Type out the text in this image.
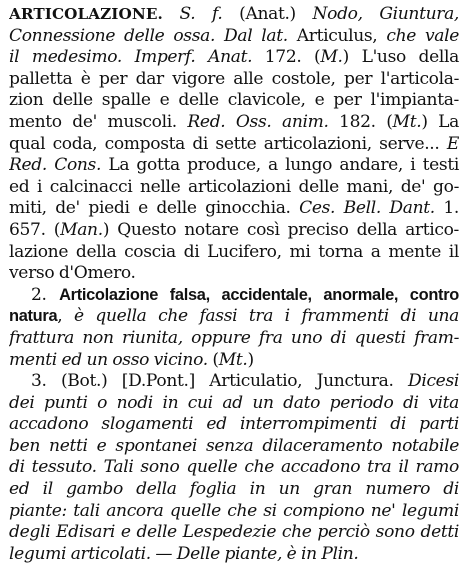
ARTICOLAZIONE. S. f. (Anat.) Nodo, Giuntura,
Connessione delle ossa. Dal lat. Articulus, che vale
il medesimo. Imperf. Anat. 172. (M.) L'uso della
palletta è per dar vigore alle costole, per l'articola-
zion delle spalle e delle clavicole, e per l'impianta-
mento de' muscoli. Red. Oss. anim. 182. (Mt.) La
qual coda, composta di sette articolazioni, serve... E
Red. Cons. La gotta produce, a lungo andare, i testi
ed i calcinacci nelle articolazioni delle mani, de' go-
miti, de' piedi e delle ginocchia. Ces. Bell. Dant. 1.
657. (Man.) Questo notare così preciso della artico-
lazione della coscia di Lucifero, mi torna a mente il
verso d'Omero.
2. Articolazione falsa, accidentale, anormale, contro
natura, è quella che fassi tra i frammenti di una
frattura non riunita, oppure fra uno di questi fram-
menti ed un osso vicino. (Mt.)
3. (Bot.) [D.Pont.] Articulatio, Junctura. Dicesi
dei punti o nodi in cui ad un dato periodo di vita
accadono slogamenti ed interrompimenti di parti
ben netti e spontanei senza dilaceramento notabile
di tessuto. Tali sono quelle che accadono tra il ramo
ed il gambo della foglia in un gran numero di
piante: tali ancora quelle che si compiono ne' legumi
degli Edisari e delle Lespedezie che perciò sono detti
legumi articolati. — Delle piante, è in Plin.
